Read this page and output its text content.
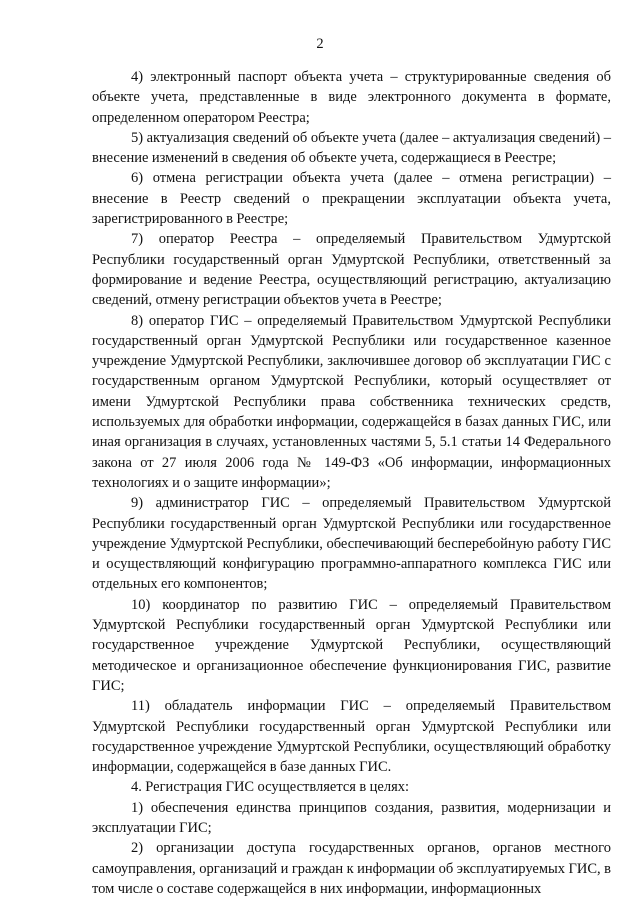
2

4) электронный паспорт объекта учета – структурированные сведения об объекте учета, представленные в виде электронного документа в формате, определенном оператором Реестра;

5) актуализация сведений об объекте учета (далее – актуализация сведений) – внесение изменений в сведения об объекте учета, содержащиеся в Реестре;

6) отмена регистрации объекта учета (далее – отмена регистрации) – внесение в Реестр сведений о прекращении эксплуатации объекта учета, зарегистрированного в Реестре;

7) оператор Реестра – определяемый Правительством Удмуртской Республики государственный орган Удмуртской Республики, ответственный за формирование и ведение Реестра, осуществляющий регистрацию, актуализацию сведений, отмену регистрации объектов учета в Реестре;

8) оператор ГИС – определяемый Правительством Удмуртской Республики государственный орган Удмуртской Республики или государственное казенное учреждение Удмуртской Республики, заключившее договор об эксплуатации ГИС с государственным органом Удмуртской Республики, который осуществляет от имени Удмуртской Республики права собственника технических средств, используемых для обработки информации, содержащейся в базах данных ГИС, или иная организация в случаях, установленных частями 5, 5.1 статьи 14 Федерального закона от 27 июля 2006 года № 149-ФЗ «Об информации, информационных технологиях и о защите информации»;

9) администратор ГИС – определяемый Правительством Удмуртской Республики государственный орган Удмуртской Республики или государственное учреждение Удмуртской Республики, обеспечивающий бесперебойную работу ГИС и осуществляющий конфигурацию программно-аппаратного комплекса ГИС или отдельных его компонентов;

10) координатор по развитию ГИС – определяемый Правительством Удмуртской Республики государственный орган Удмуртской Республики или государственное учреждение Удмуртской Республики, осуществляющий методическое и организационное обеспечение функционирования ГИС, развитие ГИС;

11) обладатель информации ГИС – определяемый Правительством Удмуртской Республики государственный орган Удмуртской Республики или государственное учреждение Удмуртской Республики, осуществляющий обработку информации, содержащейся в базе данных ГИС.

4. Регистрация ГИС осуществляется в целях:

1) обеспечения единства принципов создания, развития, модернизации и эксплуатации ГИС;

2) организации доступа государственных органов, органов местного самоуправления, организаций и граждан к информации об эксплуатируемых ГИС, в том числе о составе содержащейся в них информации, информационных
